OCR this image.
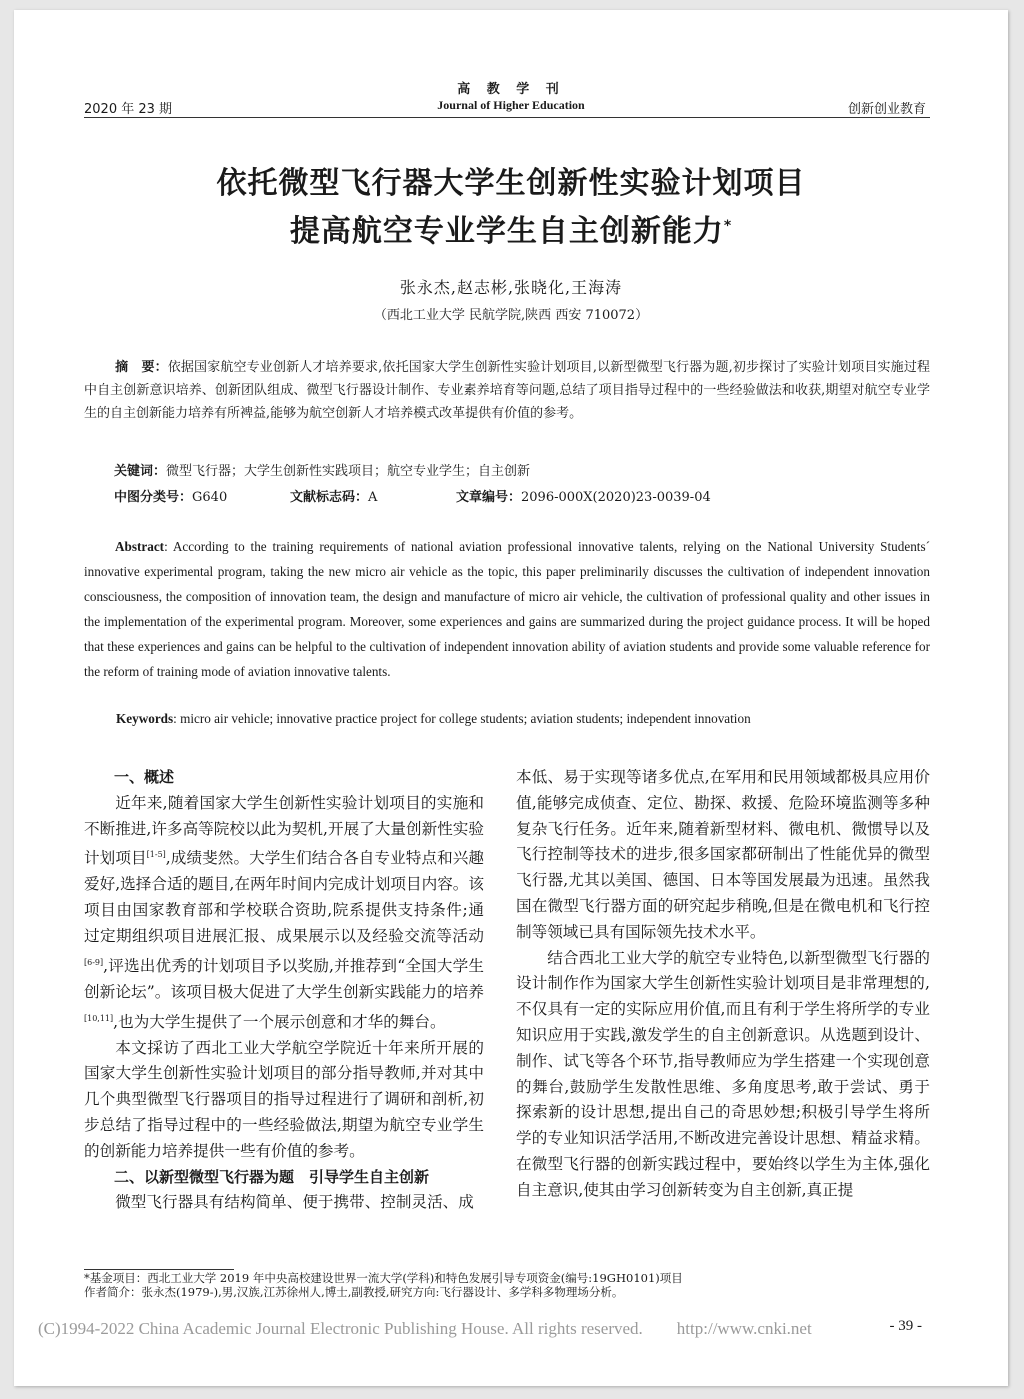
高 教 学 刊
2020 年 23 期	Journal of Higher Education	创新创业教育
依托微型飞行器大学生创新性实验计划项目
提高航空专业学生自主创新能力*
张永杰,赵志彬,张晓化,王海涛
（西北工业大学 民航学院,陕西 西安 710072）
摘　要：依据国家航空专业创新人才培养要求,依托国家大学生创新性实验计划项目,以新型微型飞行器为题,初步探讨了实验计划项目实施过程中自主创新意识培养、创新团队组成、微型飞行器设计制作、专业素养培育等问题,总结了项目指导过程中的一些经验做法和收获,期望对航空专业学生的自主创新能力培养有所裨益,能够为航空创新人才培养模式改革提供有价值的参考。
关键词：微型飞行器；大学生创新性实践项目；航空专业学生；自主创新
中图分类号：G640	文献标志码：A	文章编号：2096-000X(2020)23-0039-04
Abstract: According to the training requirements of national aviation professional innovative talents, relying on the National University Students´ innovative experimental program, taking the new micro air vehicle as the topic, this paper preliminarily discusses the cultivation of independent innovation consciousness, the composition of innovation team, the design and manufacture of micro air vehicle, the cultivation of professional quality and other issues in the implementation of the experimental program. Moreover, some experiences and gains are summarized during the project guidance process. It will be hoped that these experiences and gains can be helpful to the cultivation of independent innovation ability of aviation students and provide some valuable reference for the reform of training mode of aviation innovative talents.
Keywords: micro air vehicle; innovative practice project for college students; aviation students; independent innovation

一、概述

近年来,随着国家大学生创新性实验计划项目的实施和不断推进,许多高等院校以此为契机,开展了大量创新性实验计划项目[1-5],成绩斐然。大学生们结合各自专业特点和兴趣爱好,选择合适的题目,在两年时间内完成计划项目内容。该项目由国家教育部和学校联合资助,院系提供支持条件;通过定期组织项目进展汇报、成果展示以及经验交流等活动[6-9],评选出优秀的计划项目予以奖励,并推荐到“全国大学生创新论坛”。该项目极大促进了大学生创新实践能力的培养[10,11],也为大学生提供了一个展示创意和才华的舞台。

本文採访了西北工业大学航空学院近十年来所开展的国家大学生创新性实验计划项目的部分指导教师,并对其中几个典型微型飞行器项目的指导过程进行了调研和剖析,初步总结了指导过程中的一些经验做法,期望为航空专业学生的创新能力培养提供一些有价值的参考。

二、以新型微型飞行器为题　引导学生自主创新

微型飞行器具有结构简单、便于携带、控制灵活、成

本低、易于实现等诸多优点,在军用和民用领域都极具应用价值,能够完成侦查、定位、勘探、救援、危险环境监测等多种复杂飞行任务。近年来,随着新型材料、微电机、微惯导以及飞行控制等技术的进步,很多国家都研制出了性能优异的微型飞行器,尤其以美国、德国、日本等国发展最为迅速。虽然我国在微型飞行器方面的研究起步稍晚,但是在微电机和飞行控制等领域已具有国际领先技术水平。

结合西北工业大学的航空专业特色,以新型微型飞行器的设计制作作为国家大学生创新性实验计划项目是非常理想的,不仅具有一定的实际应用价值,而且有利于学生将所学的专业知识应用于实践,激发学生的自主创新意识。从选题到设计、制作、试飞等各个环节,指导教师应为学生搭建一个实现创意的舞台,鼓励学生发散性思维、多角度思考,敢于尝试、勇于探索新的设计思想,提出自己的奇思妙想;积极引导学生将所学的专业知识活学活用,不断改进完善设计思想、精益求精。在微型飞行器的创新实践过程中，要始终以学生为主体,强化自主意识,使其由学习创新转变为自主创新,真正提

*基金项目：西北工业大学 2019 年中央高校建设世界一流大学(学科)和特色发展引导专项资金(编号:19GH0101)项目
作者简介：张永杰(1979-),男,汉族,江苏徐州人,博士,副教授,研究方向:飞行器设计、多学科多物理场分析。
- 39 -
(C)1994-2022 China Academic Journal Electronic Publishing House. All rights reserved.　　http://www.cnki.net
